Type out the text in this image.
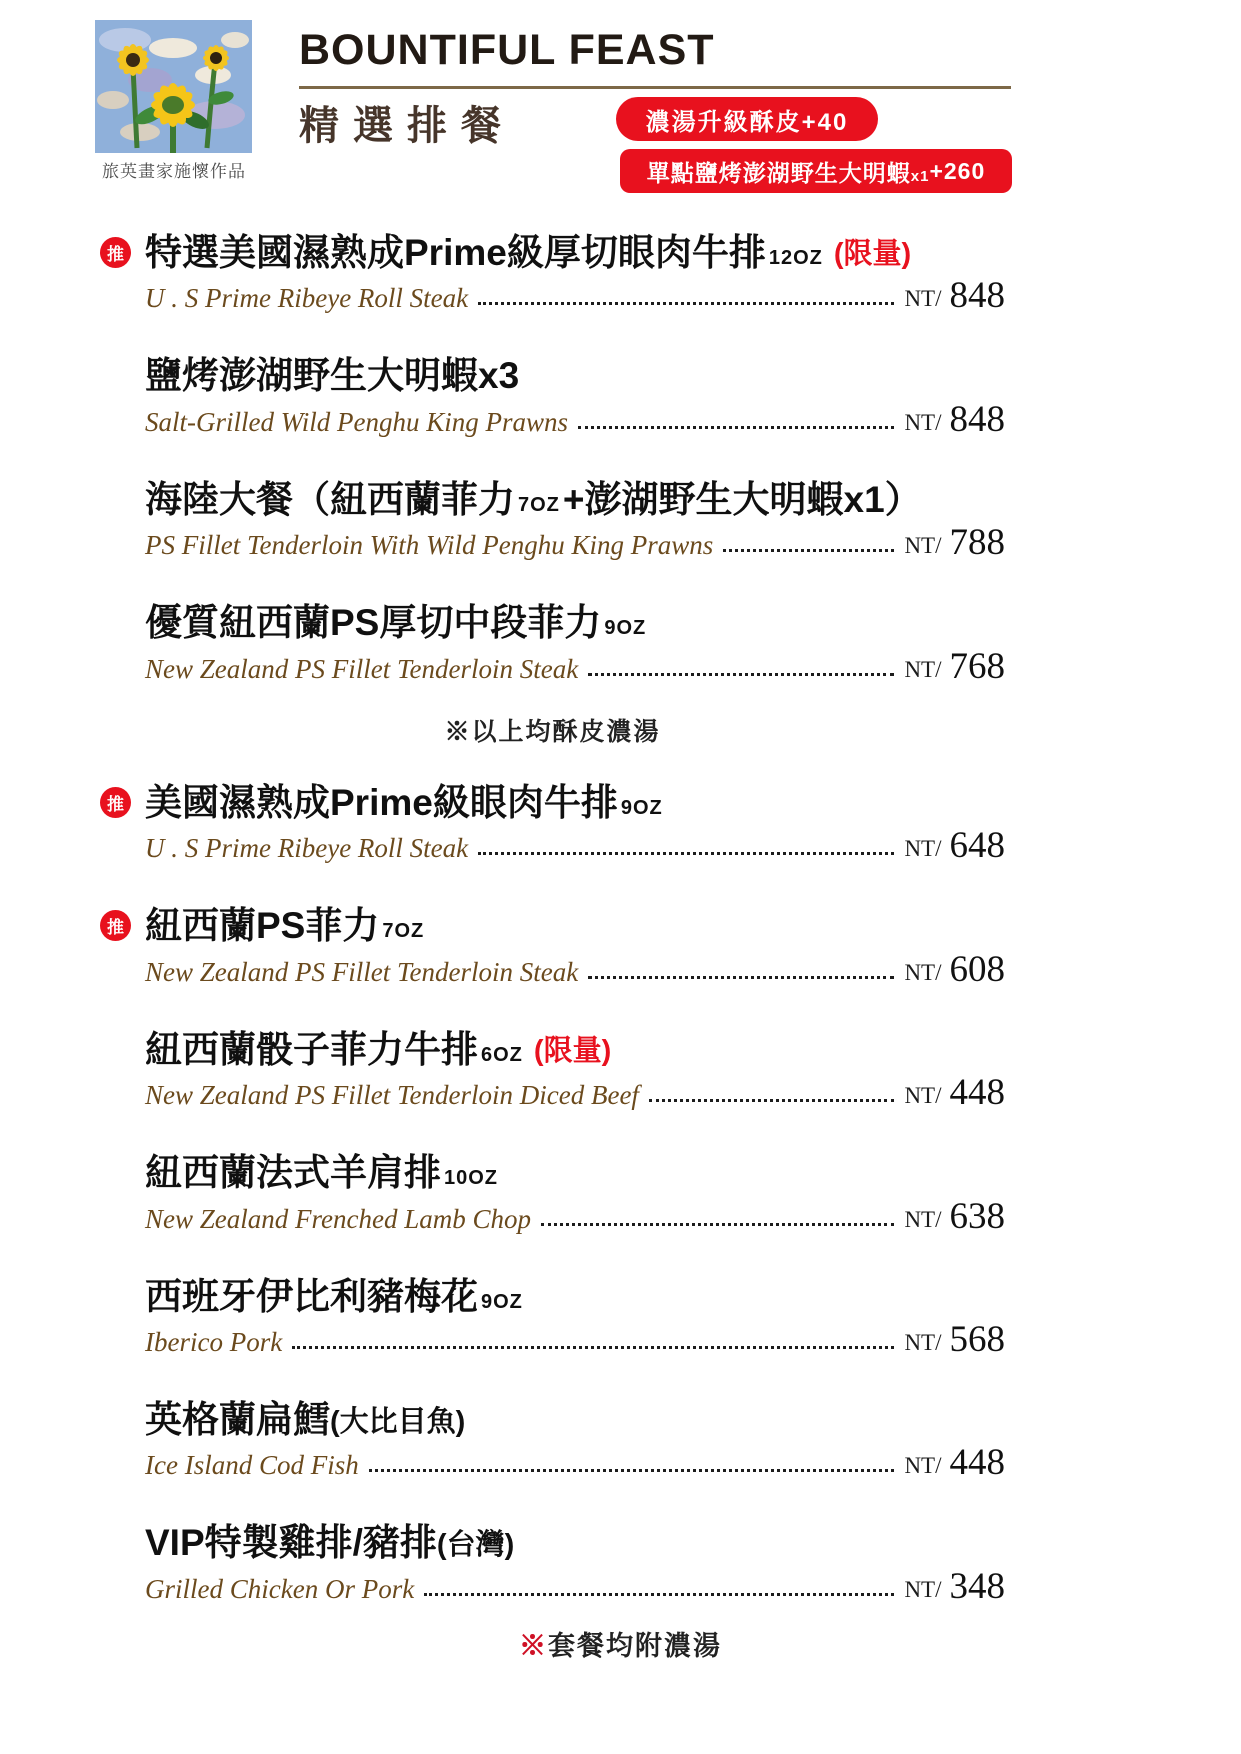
旅英畫家施懷作品
BOUNTIFUL FEAST
精選排餐	濃湯升級酥皮+40
單點鹽烤澎湖野生大明蝦 x1 +260
推 特選美國濕熟成Prime級厚切眼肉牛排 12OZ (限量)
U . S Prime Ribeye Roll Steak	NT/ 848
鹽烤澎湖野生大明蝦x3
Salt-Grilled Wild Penghu King Prawns	NT/ 848
海陸大餐（紐西蘭菲力 7OZ +澎湖野生大明蝦x1）
PS Fillet Tenderloin With Wild Penghu King Prawns	NT/ 788
優質紐西蘭PS厚切中段菲力 9OZ
New Zealand PS Fillet Tenderloin Steak	NT/ 768
※以上均酥皮濃湯
推 美國濕熟成Prime級眼肉牛排 9OZ
U . S Prime Ribeye Roll Steak	NT/ 648
推 紐西蘭PS菲力 7OZ
New Zealand PS Fillet Tenderloin Steak	NT/ 608
紐西蘭骰子菲力牛排 6OZ (限量)
New Zealand PS Fillet Tenderloin Diced Beef	NT/ 448
紐西蘭法式羊肩排 10OZ
New Zealand Frenched Lamb Chop	NT/ 638
西班牙伊比利豬梅花 9OZ
Iberico Pork	NT/ 568
英格蘭扁鱈 (大比目魚)
Ice Island Cod Fish	NT/ 448
VIP特製雞排/豬排 (台灣)
Grilled Chicken Or Pork	NT/ 348
※套餐均附濃湯
